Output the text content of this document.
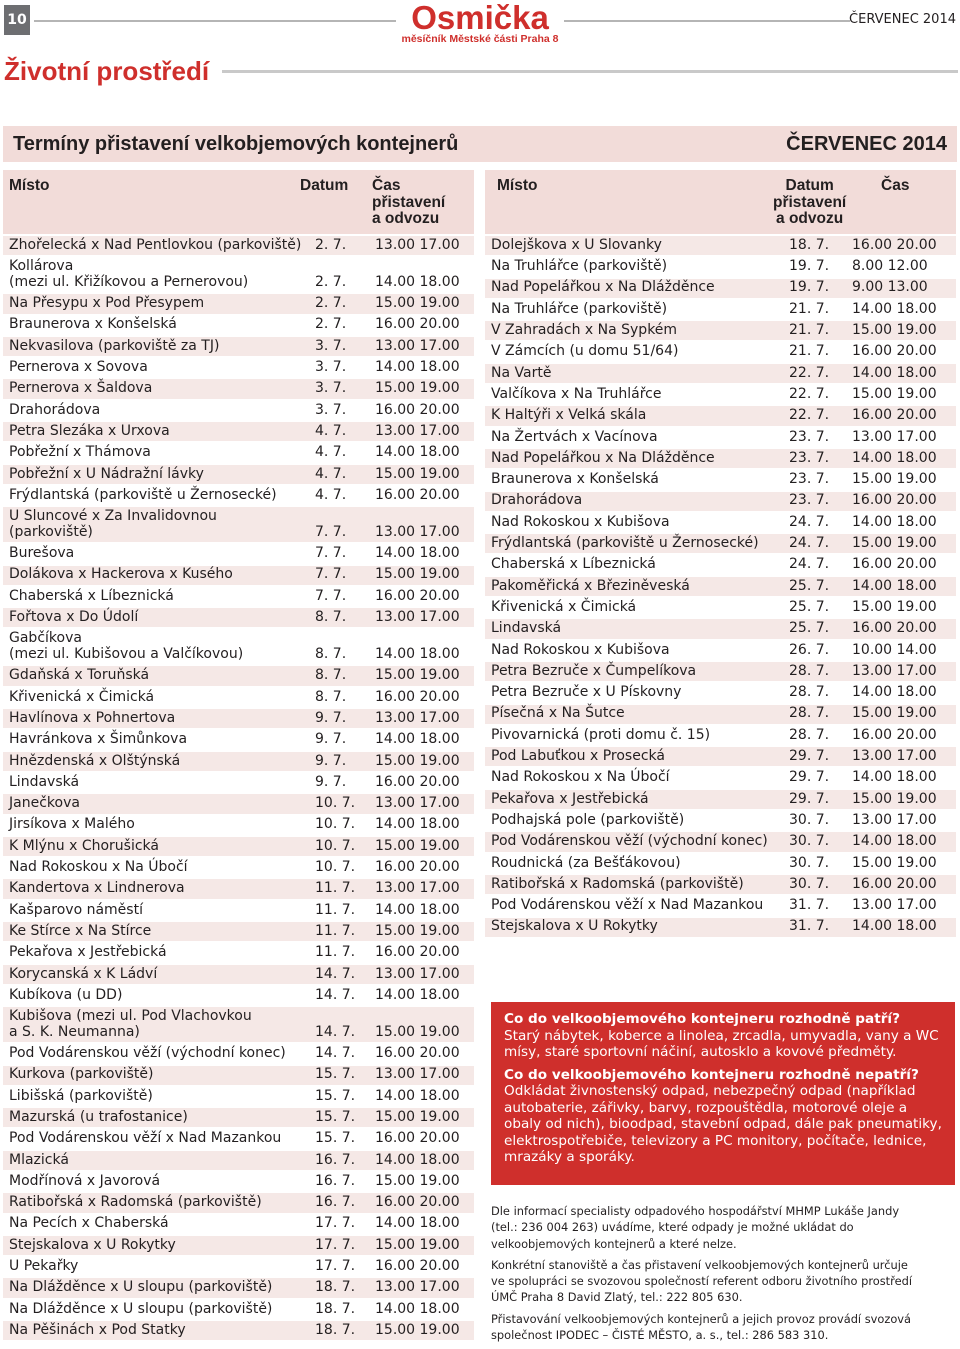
10	Osmička
měsíčník Městské části Praha 8
ČERVENEC 2014
Životní prostředí
Termíny přistavení velkobjemových kontejnerů	ČERVENEC 2014
Místo	Datum Čas
přistavení
a odvozu
Zhořelecká x Nad Pentlovkou (parkoviště) 2. 7. 13.00 17.00
Kollárova
(mezi ul. Křižíkovou a Pernerovou)	2. 7. 14.00 18.00
Na Přesypu x Pod Přesypem	2. 7. 15.00 19.00
Braunerova x Konšelská	2. 7. 16.00 20.00
Nekvasilova (parkoviště za TJ)	3. 7. 13.00 17.00
Pernerova x Sovova	3. 7. 14.00 18.00
Pernerova x Šaldova	3. 7. 15.00 19.00
Drahorádova	3. 7. 16.00 20.00
Petra Slezáka x Urxova	4. 7. 13.00 17.00
Pobřežní x Thámova	4. 7. 14.00 18.00
Pobřežní x U Nádražní lávky	4. 7. 15.00 19.00
Frýdlantská (parkoviště u Žernosecké)	4. 7. 16.00 20.00
U Sluncové x Za Invalidovnou
(parkoviště)	7. 7. 13.00 17.00
Burešova	7. 7. 14.00 18.00
Dolákova x Hackerova x Kusého	7. 7. 15.00 19.00
Chaberská x Líbeznická	7. 7. 16.00 20.00
Fořtova x Do Údolí	8. 7. 13.00 17.00
Gabčíkova
(mezi ul. Kubišovou a Valčíkovou)	8. 7. 14.00 18.00
Gdaňská x Toruňská	8. 7. 15.00 19.00
Křivenická x Čimická	8. 7. 16.00 20.00
Havlínova x Pohnertova	9. 7. 13.00 17.00
Havránkova x Šimůnkova	9. 7. 14.00 18.00
Hnězdenská x Olštýnská	9. 7. 15.00 19.00
Lindavská	9. 7. 16.00 20.00
Janečkova	10. 7. 13.00 17.00
Jirsíkova x Malého	10. 7. 14.00 18.00
K Mlýnu x Chorušická	10. 7. 15.00 19.00
Nad Rokoskou x Na Úbočí	10. 7. 16.00 20.00
Kandertova x Lindnerova	11. 7. 13.00 17.00
Kašparovo náměstí	11. 7. 14.00 18.00
Ke Stírce x Na Stírce	11. 7. 15.00 19.00
Pekařova x Jestřebická	11. 7. 16.00 20.00
Korycanská x K Ládví	14. 7. 13.00 17.00
Kubíkova (u DD)	14. 7. 14.00 18.00
Kubišova (mezi ul. Pod Vlachovkou
a S. K. Neumanna)	14. 7. 15.00 19.00
Pod Vodárenskou věží (východní konec) 14. 7. 16.00 20.00
Kurkova (parkoviště)	15. 7. 13.00 17.00
Libišská (parkoviště)	15. 7. 14.00 18.00
Mazurská (u trafostanice)	15. 7. 15.00 19.00
Pod Vodárenskou věží x Nad Mazankou 15. 7. 16.00 20.00
Mlazická	16. 7. 14.00 18.00
Modřínová x Javorová	16. 7. 15.00 19.00
Ratibořská x Radomská (parkoviště)	16. 7. 16.00 20.00
Na Pecích x Chaberská	17. 7. 14.00 18.00
Stejskalova x U Rokytky	17. 7. 15.00 19.00
U Pekařky	17. 7. 16.00 20.00
Na Dlážděnce x U sloupu (parkoviště)	18. 7. 13.00 17.00
Na Dlážděnce x U sloupu (parkoviště)	18. 7. 14.00 18.00
Na Pěšinách x Pod Statky	18. 7. 15.00 19.00
Místo	Datum
přistavení
a odvozu
Čas
Dolejškova x U Slovanky	18. 7. 16.00 20.00
Na Truhlářce (parkoviště)	19. 7. 8.00 12.00
Nad Popelářkou x Na Dlážděnce	19. 7. 9.00 13.00
Na Truhlářce (parkoviště)	21. 7. 14.00 18.00
V Zahradách x Na Sypkém	21. 7. 15.00 19.00
V Zámcích (u domu 51/64)	21. 7. 16.00 20.00
Na Vartě	22. 7. 14.00 18.00
Valčíkova x Na Truhlářce	22. 7. 15.00 19.00
K Haltýři x Velká skála	22. 7. 16.00 20.00
Na Žertvách x Vacínova	23. 7. 13.00 17.00
Nad Popelářkou x Na Dlážděnce	23. 7. 14.00 18.00
Braunerova x Konšelská	23. 7. 15.00 19.00
Drahorádova	23. 7. 16.00 20.00
Nad Rokoskou x Kubišova	24. 7. 14.00 18.00
Frýdlantská (parkoviště u Žernosecké) 24. 7. 15.00 19.00
Chaberská x Líbeznická	24. 7. 16.00 20.00
Pakoměřická x Březiněveská	25. 7. 14.00 18.00
Křivenická x Čimická	25. 7. 15.00 19.00
Lindavská	25. 7. 16.00 20.00
Nad Rokoskou x Kubišova	26. 7. 10.00 14.00
Petra Bezruče x Čumpelíkova	28. 7. 13.00 17.00
Petra Bezruče x U Pískovny	28. 7. 14.00 18.00
Písečná x Na Šutce	28. 7. 15.00 19.00
Pivovarnická (proti domu č. 15)	28. 7. 16.00 20.00
Pod Labuťkou x Prosecká	29. 7. 13.00 17.00
Nad Rokoskou x Na Úbočí	29. 7. 14.00 18.00
Pekařova x Jestřebická	29. 7. 15.00 19.00
Podhajská pole (parkoviště)	30. 7. 13.00 17.00
Pod Vodárenskou věží (východní konec) 30. 7. 14.00 18.00
Roudnická (za Bešťákovou)	30. 7. 15.00 19.00
Ratibořská x Radomská (parkoviště)	30. 7. 16.00 20.00
Pod Vodárenskou věží x Nad Mazankou 31. 7. 13.00 17.00
Stejskalova x U Rokytky	31. 7. 14.00 18.00
Co do velkoobjemového kontejneru rozhodně patří?
Starý nábytek, koberce a linolea, zrcadla, umyvadla, vany a WC mísy, staré sportovní náčiní, autosklo a kovové předměty.
Co do velkoobjemového kontejneru rozhodně nepatří?
Odkládat živnostenský odpad, nebezpečný odpad (například autobaterie, zářivky, barvy, rozpouštědla, motorové oleje a obaly od nich), bioodpad, stavební odpad, dále pak pneumatiky, elektrospotřebiče, televizory a PC monitory, počítače, lednice, mrazáky a sporáky.

Dle informací specialisty odpadového hospodářství MHMP Lukáše Jandy (tel.: 236 004 263) uvádíme, které odpady je možné ukládat do velkoobjemových kontejnerů a které nelze.

Konkrétní stanoviště a čas přistavení velkoobjemových kontejnerů určuje ve spolupráci se svozovou společností referent odboru životního prostředí ÚMČ Praha 8 David Zlatý, tel.: 222 805 630.

Přistavování velkoobjemových kontejnerů a jejich provoz provádí svozová společnost IPODEC – ČISTÉ MĚSTO, a. s., tel.: 286 583 310.
